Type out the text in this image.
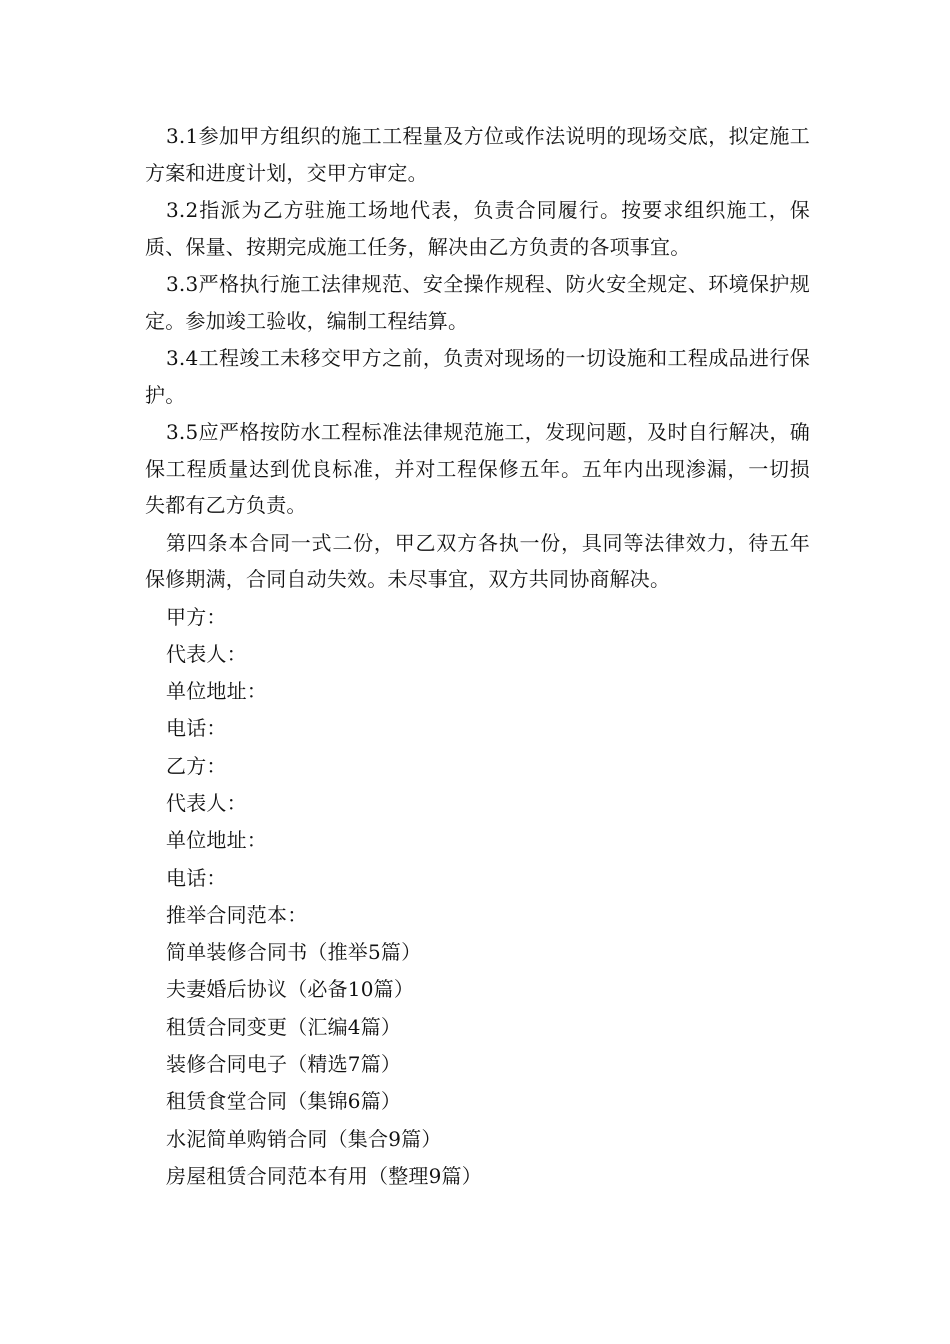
3.1参加甲方组织的施工工程量及方位或作法说明的现场交底，拟定施工方案和进度计划，交甲方审定。

3.2指派为乙方驻施工场地代表，负责合同履行。按要求组织施工，保质、保量、按期完成施工任务，解决由乙方负责的各项事宜。

3.3严格执行施工法律规范、安全操作规程、防火安全规定、环境保护规定。参加竣工验收，编制工程结算。

3.4工程竣工未移交甲方之前，负责对现场的一切设施和工程成品进行保护。

3.5应严格按防水工程标准法律规范施工，发现问题，及时自行解决，确保工程质量达到优良标准，并对工程保修五年。五年内出现渗漏，一切损失都有乙方负责。

第四条本合同一式二份，甲乙双方各执一份，具同等法律效力，待五年保修期满，合同自动失效。未尽事宜，双方共同协商解决。

甲方：
代表人：
单位地址：
电话：
乙方：
代表人：
单位地址：
电话：
推举合同范本：
简单装修合同书（推举5篇）
夫妻婚后协议（必备10篇）
租赁合同变更（汇编4篇）
装修合同电子（精选7篇）
租赁食堂合同（集锦6篇）
水泥简单购销合同（集合9篇）
房屋租赁合同范本有用（整理9篇）
